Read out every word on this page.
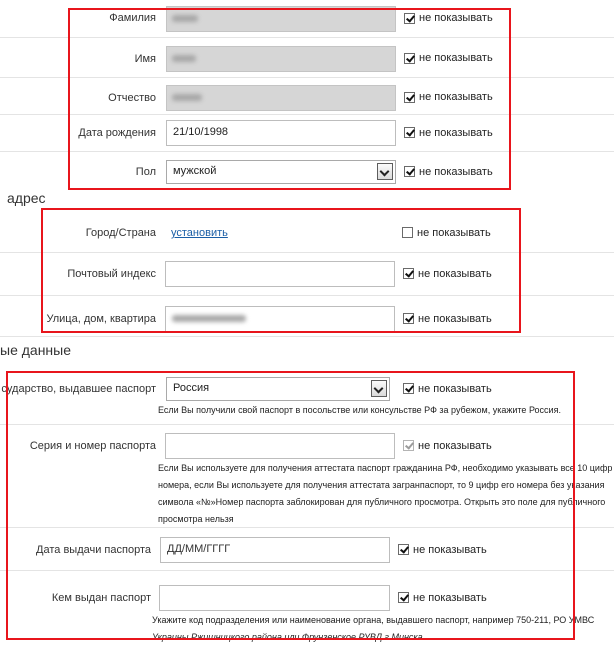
Фамилия	не показывать
Имя	не показывать
Отчество	не показывать
Дата рождения	21/10/1998	не показывать
Пол	мужской	не показывать
адрес
Город/Страна установить	не показывать
Почтовый индекс	не показывать
Улица, дом, квартира	не показывать
ые данные
сударство, выдавшее паспорт	Россия	не показывать
Если Вы получили свой паспорт в посольстве или консульстве РФ за рубежом, укажите Россия.
Серия и номер паспорта	не показывать
Если Вы используете для получения аттестата паспорт гражданина РФ, необходимо указывать все 10 цифр
номера, если Вы используете для получения аттестата загранпаспорт, то 9 цифр его номера без указания
символа «№»Номер паспорта заблокирован для публичного просмотра. Открыть это поле для публичного
просмотра нельзя
Дата выдачи паспорта	ДД/ММ/ГГГГ	не показывать
Кем выдан паспорт	не показывать
Укажите код подразделения или наименование органа, выдавшего паспорт, например 750-211, РО УМВС
Украины Ржишницкого района или Фрунзенское РУВД г.Минска
